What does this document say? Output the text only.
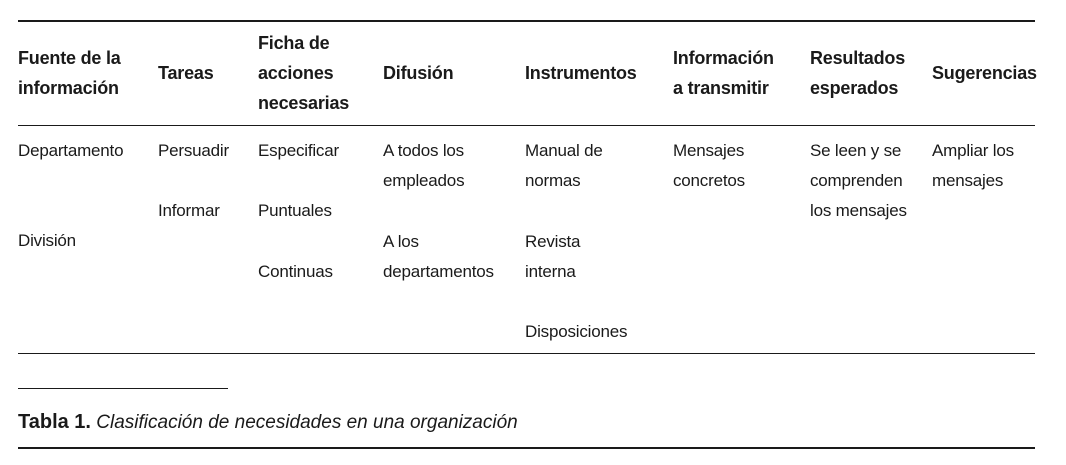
Fuente de la
información
Tareas
Ficha de
acciones
necesarias
Difusión	Instrumentos
Información
a transmitir
Resultados
esperados
Sugerencias
Departamento
División
Persuadir
Informar
Especificar
Puntuales
Continuas
A todos los
empleados
A los
departamentos
Manual de
normas
Revista
interna
Disposiciones
Mensajes
concretos
Se leen y se
comprenden
los mensajes
Ampliar los
mensajes
Tabla 1. Clasificación de necesidades en una organización
